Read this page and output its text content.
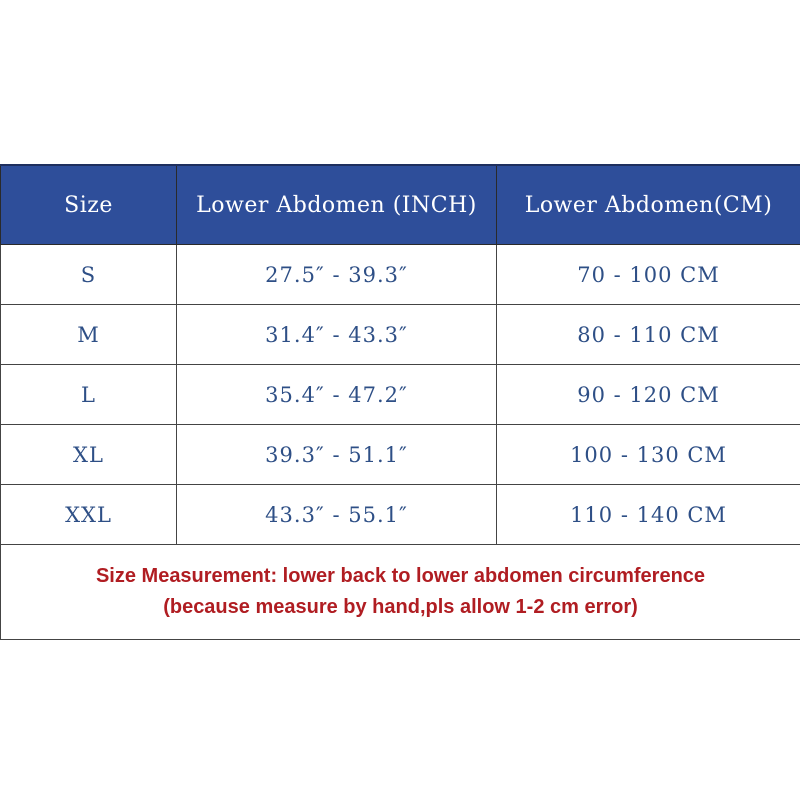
Size	Lower Abdomen (INCH)	Lower Abdomen(CM)
S	27.5″ - 39.3″	70 - 100 CM
M	31.4″ - 43.3″	80 - 110 CM
L	35.4″ - 47.2″	90 - 120 CM
XL	39.3″ - 51.1″	100 - 130 CM
XXL	43.3″ - 55.1″	110 - 140 CM

Size Measurement: lower back to lower abdomen circumference
(because measure by hand,pls allow 1-2 cm error)		
